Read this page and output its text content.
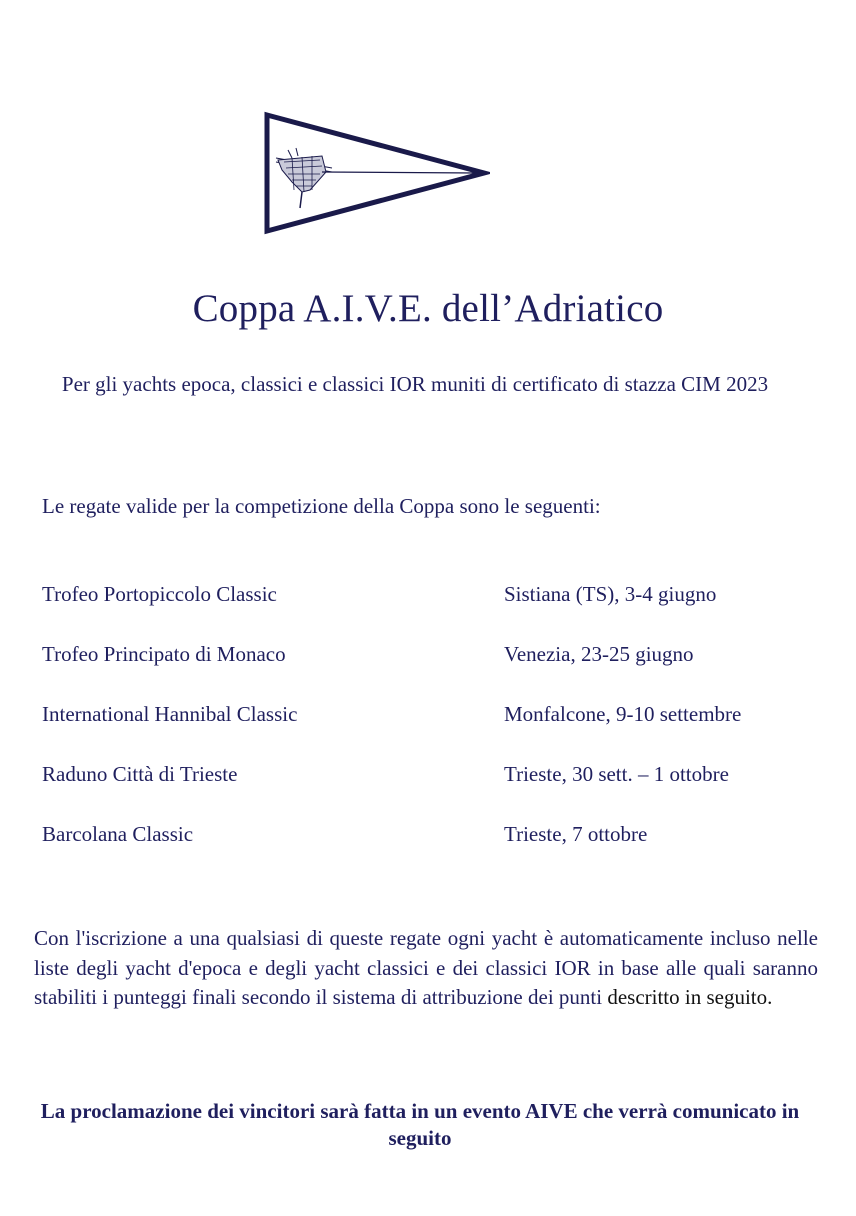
Coppa A.I.V.E. dell’Adriatico
Per gli yachts epoca, classici e classici IOR muniti di certificato di stazza CIM 2023
Le regate valide per la competizione della Coppa sono le seguenti:
Trofeo Portopiccolo Classic	Sistiana (TS), 3-4 giugno
Trofeo Principato di Monaco	Venezia, 23-25 giugno
International Hannibal Classic	Monfalcone, 9-10 settembre
Raduno Città di Trieste	Trieste, 30 sett. – 1 ottobre
Barcolana Classic	Trieste, 7 ottobre

Con l'iscrizione a una qualsiasi di queste regate ogni yacht è automaticamente incluso nelle liste degli yacht d'epoca e degli yacht classici e dei classici IOR in base alle quali saranno stabiliti i punteggi finali secondo il sistema di attribuzione dei punti descritto in seguito.

La proclamazione dei vincitori sarà fatta in un evento AIVE che verrà comunicato in seguito
